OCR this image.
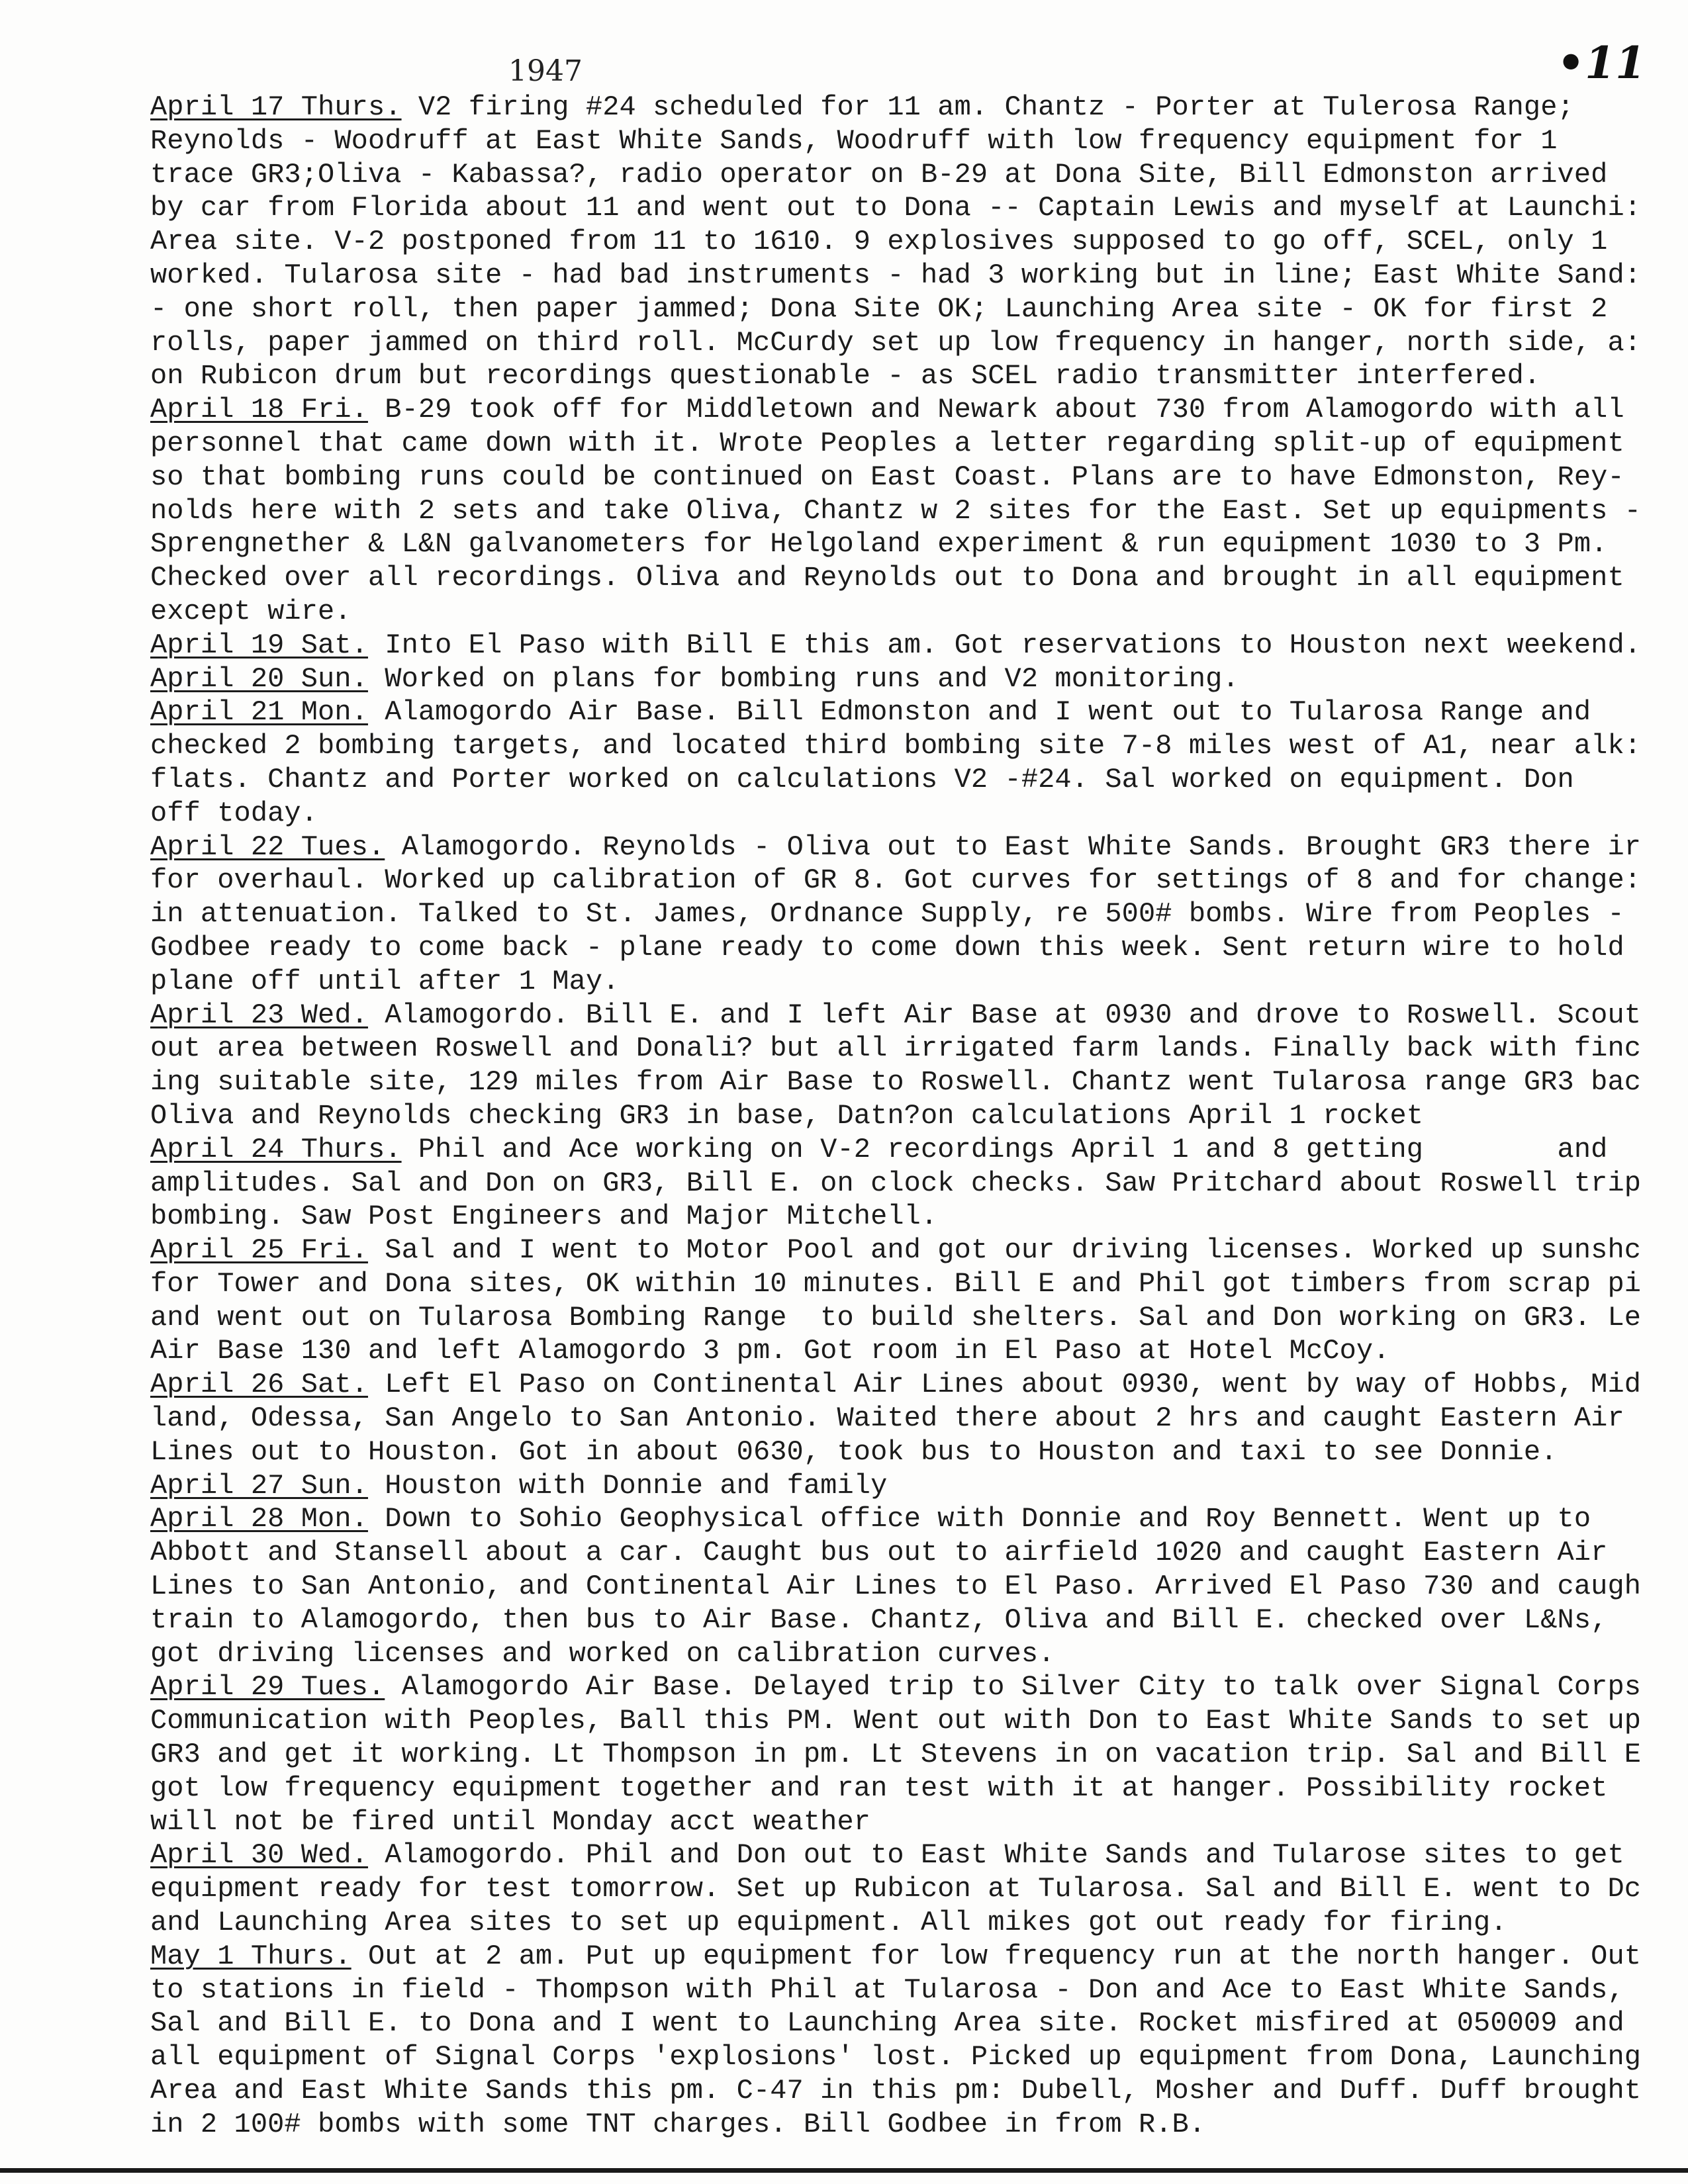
1947	•11
April 17 Thurs. V2 firing #24 scheduled for 11 am. Chantz - Porter at Tulerosa Range;
Reynolds - Woodruff at East White Sands, Woodruff with low frequency equipment for 1
trace GR3;Oliva - Kabassa?, radio operator on B-29 at Dona Site, Bill Edmonston arrived
by car from Florida about 11 and went out to Dona -- Captain Lewis and myself at Launchi:
Area site. V-2 postponed from 11 to 1610. 9 explosives supposed to go off, SCEL, only 1
worked. Tularosa site - had bad instruments - had 3 working but in line; East White Sand:
- one short roll, then paper jammed; Dona Site OK; Launching Area site - OK for first 2
rolls, paper jammed on third roll. McCurdy set up low frequency in hanger, north side, a:
on Rubicon drum but recordings questionable - as SCEL radio transmitter interfered.
April 18 Fri. B-29 took off for Middletown and Newark about 730 from Alamogordo with all
personnel that came down with it. Wrote Peoples a letter regarding split-up of equipment
so that bombing runs could be continued on East Coast. Plans are to have Edmonston, Rey-
nolds here with 2 sets and take Oliva, Chantz w 2 sites for the East. Set up equipments -
Sprengnether & L&N galvanometers for Helgoland experiment & run equipment 1030 to 3 Pm.
Checked over all recordings. Oliva and Reynolds out to Dona and brought in all equipment
except wire.
April 19 Sat. Into El Paso with Bill E this am. Got reservations to Houston next weekend.
April 20 Sun. Worked on plans for bombing runs and V2 monitoring.
April 21 Mon. Alamogordo Air Base. Bill Edmonston and I went out to Tularosa Range and
checked 2 bombing targets, and located third bombing site 7-8 miles west of A1, near alk:
flats. Chantz and Porter worked on calculations V2 -#24. Sal worked on equipment. Don
off today.
April 22 Tues. Alamogordo. Reynolds - Oliva out to East White Sands. Brought GR3 there ir
for overhaul. Worked up calibration of GR 8. Got curves for settings of 8 and for change:
in attenuation. Talked to St. James, Ordnance Supply, re 500# bombs. Wire from Peoples -
Godbee ready to come back - plane ready to come down this week. Sent return wire to hold
plane off until after 1 May.
April 23 Wed. Alamogordo. Bill E. and I left Air Base at 0930 and drove to Roswell. Scout
out area between Roswell and Donali? but all irrigated farm lands. Finally back with finc
ing suitable site, 129 miles from Air Base to Roswell. Chantz went Tularosa range GR3 bac
Oliva and Reynolds checking GR3 in base, Datn?on calculations April 1 rocket
April 24 Thurs. Phil and Ace working on V-2 recordings April 1 and 8 getting        and
amplitudes. Sal and Don on GR3, Bill E. on clock checks. Saw Pritchard about Roswell trip
bombing. Saw Post Engineers and Major Mitchell.
April 25 Fri. Sal and I went to Motor Pool and got our driving licenses. Worked up sunshc
for Tower and Dona sites, OK within 10 minutes. Bill E and Phil got timbers from scrap pi
and went out on Tularosa Bombing Range  to build shelters. Sal and Don working on GR3. Le
Air Base 130 and left Alamogordo 3 pm. Got room in El Paso at Hotel McCoy.
April 26 Sat. Left El Paso on Continental Air Lines about 0930, went by way of Hobbs, Mid
land, Odessa, San Angelo to San Antonio. Waited there about 2 hrs and caught Eastern Air
Lines out to Houston. Got in about 0630, took bus to Houston and taxi to see Donnie.
April 27 Sun. Houston with Donnie and family
April 28 Mon. Down to Sohio Geophysical office with Donnie and Roy Bennett. Went up to
Abbott and Stansell about a car. Caught bus out to airfield 1020 and caught Eastern Air
Lines to San Antonio, and Continental Air Lines to El Paso. Arrived El Paso 730 and caugh
train to Alamogordo, then bus to Air Base. Chantz, Oliva and Bill E. checked over L&Ns,
got driving licenses and worked on calibration curves.
April 29 Tues. Alamogordo Air Base. Delayed trip to Silver City to talk over Signal Corps
Communication with Peoples, Ball this PM. Went out with Don to East White Sands to set up
GR3 and get it working. Lt Thompson in pm. Lt Stevens in on vacation trip. Sal and Bill E
got low frequency equipment together and ran test with it at hanger. Possibility rocket
will not be fired until Monday acct weather
April 30 Wed. Alamogordo. Phil and Don out to East White Sands and Tularose sites to get
equipment ready for test tomorrow. Set up Rubicon at Tularosa. Sal and Bill E. went to Dc
and Launching Area sites to set up equipment. All mikes got out ready for firing.
May 1 Thurs. Out at 2 am. Put up equipment for low frequency run at the north hanger. Out
to stations in field - Thompson with Phil at Tularosa - Don and Ace to East White Sands,
Sal and Bill E. to Dona and I went to Launching Area site. Rocket misfired at 050009 and
all equipment of Signal Corps 'explosions' lost. Picked up equipment from Dona, Launching
Area and East White Sands this pm. C-47 in this pm: Dubell, Mosher and Duff. Duff brought
in 2 100# bombs with some TNT charges. Bill Godbee in from R.B.
